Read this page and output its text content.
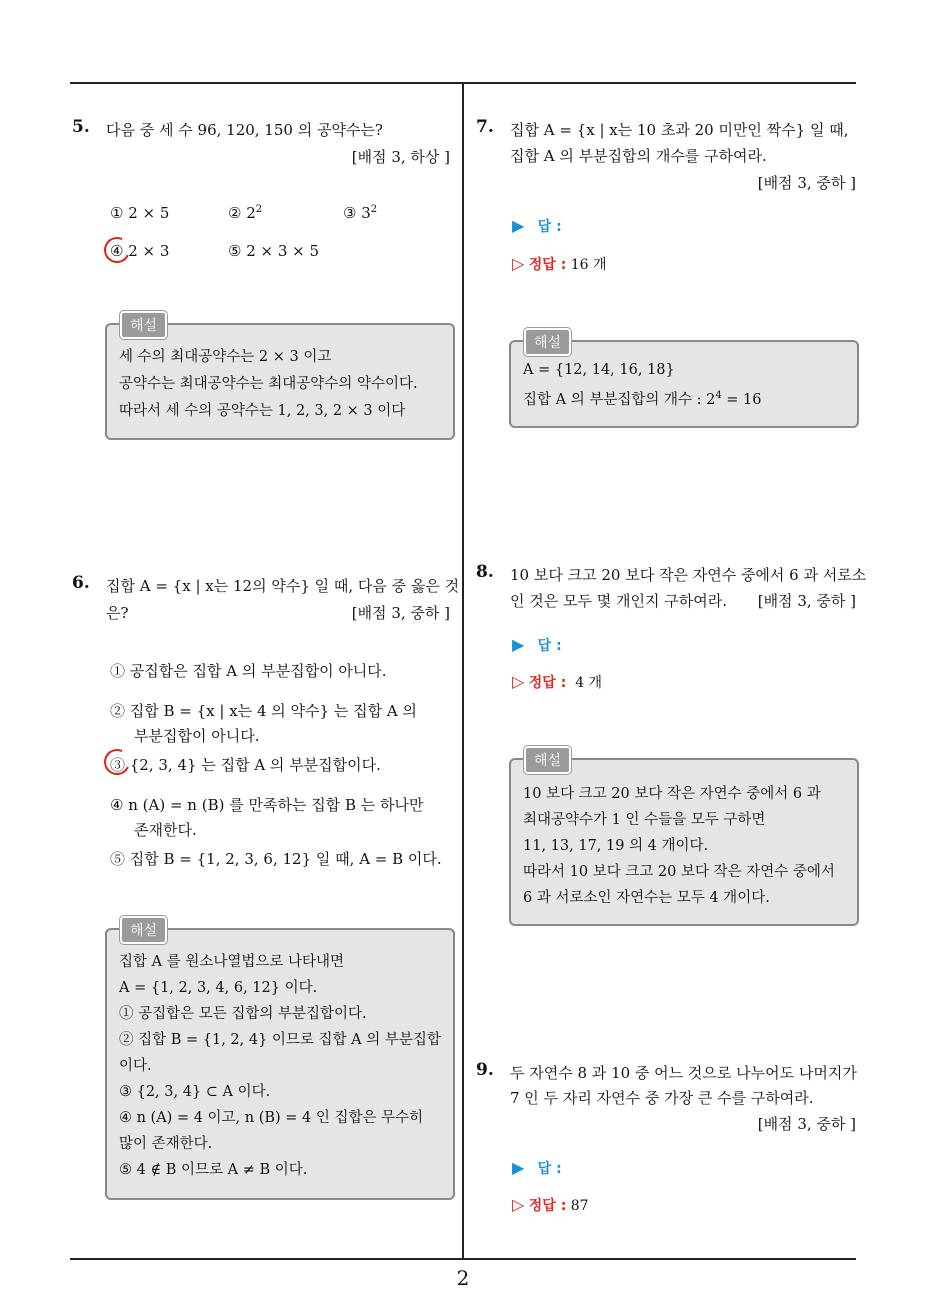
2
5. 다음 중 세 수 96, 120, 150 의 공약수는?
[배점 3, 하상 ]
① 2 × 5	② $2^2$	③ $3^2$
④ 2 × 3	⑤ 2 × 3 × 5
세 수의 최대공약수는 2 × 3 이고
공약수는 최대공약수는 최대공약수의 약수이다.
따라서 세 수의 공약수는 1, 2, 3, 2 × 3 이다
해설
6. 집합 A = {x | x는 12의 약수} 일 때, 다음 중 옳은 것
은?	[배점 3, 중하 ]
① 공집합은 집합 A 의 부분집합이 아니다.
② 집합 B = {x | x는 4 의 약수} 는 집합 A 의
부분집합이 아니다.
③ {2, 3, 4} 는 집합 A 의 부분집합이다.
④ n (A) = n (B) 를 만족하는 집합 B 는 하나만
존재한다.
⑤ 집합 B = {1, 2, 3, 6, 12} 일 때, A = B 이다.
집합 A 를 원소나열법으로 나타내면
A = {1, 2, 3, 4, 6, 12} 이다.
① 공집합은 모든 집합의 부분집합이다.
② 집합 B = {1, 2, 4} 이므로 집합 A 의 부분집합
이다.
③ {2, 3, 4} ⊂ A 이다.
④ n (A) = 4 이고, n (B) = 4 인 집합은 무수히
많이 존재한다.
⑤ 4 ∉ B 이므로 A ≠ B 이다.
해설
7. 집합 A = {x | x는 10 초과 20 미만인 짝수} 일 때,
집합 A 의 부분집합의 개수를 구하여라.
[배점 3, 중하 ]
▶ 답 :
▷ 정답 : 16 개
A = {12, 14, 16, 18}
집합 A 의 부분집합의 개수 : $2^4 = 16$
해설
8. 10 보다 크고 20 보다 작은 자연수 중에서 6 과 서로소
인 것은 모두 몇 개인지 구하여라.	[배점 3, 중하 ]
▶ 답 :
▷ 정답 : 4 개
10 보다 크고 20 보다 작은 자연수 중에서 6 과
최대공약수가 1 인 수들을 모두 구하면
11, 13, 17, 19 의 4 개이다.
따라서 10 보다 크고 20 보다 작은 자연수 중에서
6 과 서로소인 자연수는 모두 4 개이다.
해설
9. 두 자연수 8 과 10 중 어느 것으로 나누어도 나머지가
7 인 두 자리 자연수 중 가장 큰 수를 구하여라.
[배점 3, 중하 ]
▶ 답 :
▷ 정답 : 87
